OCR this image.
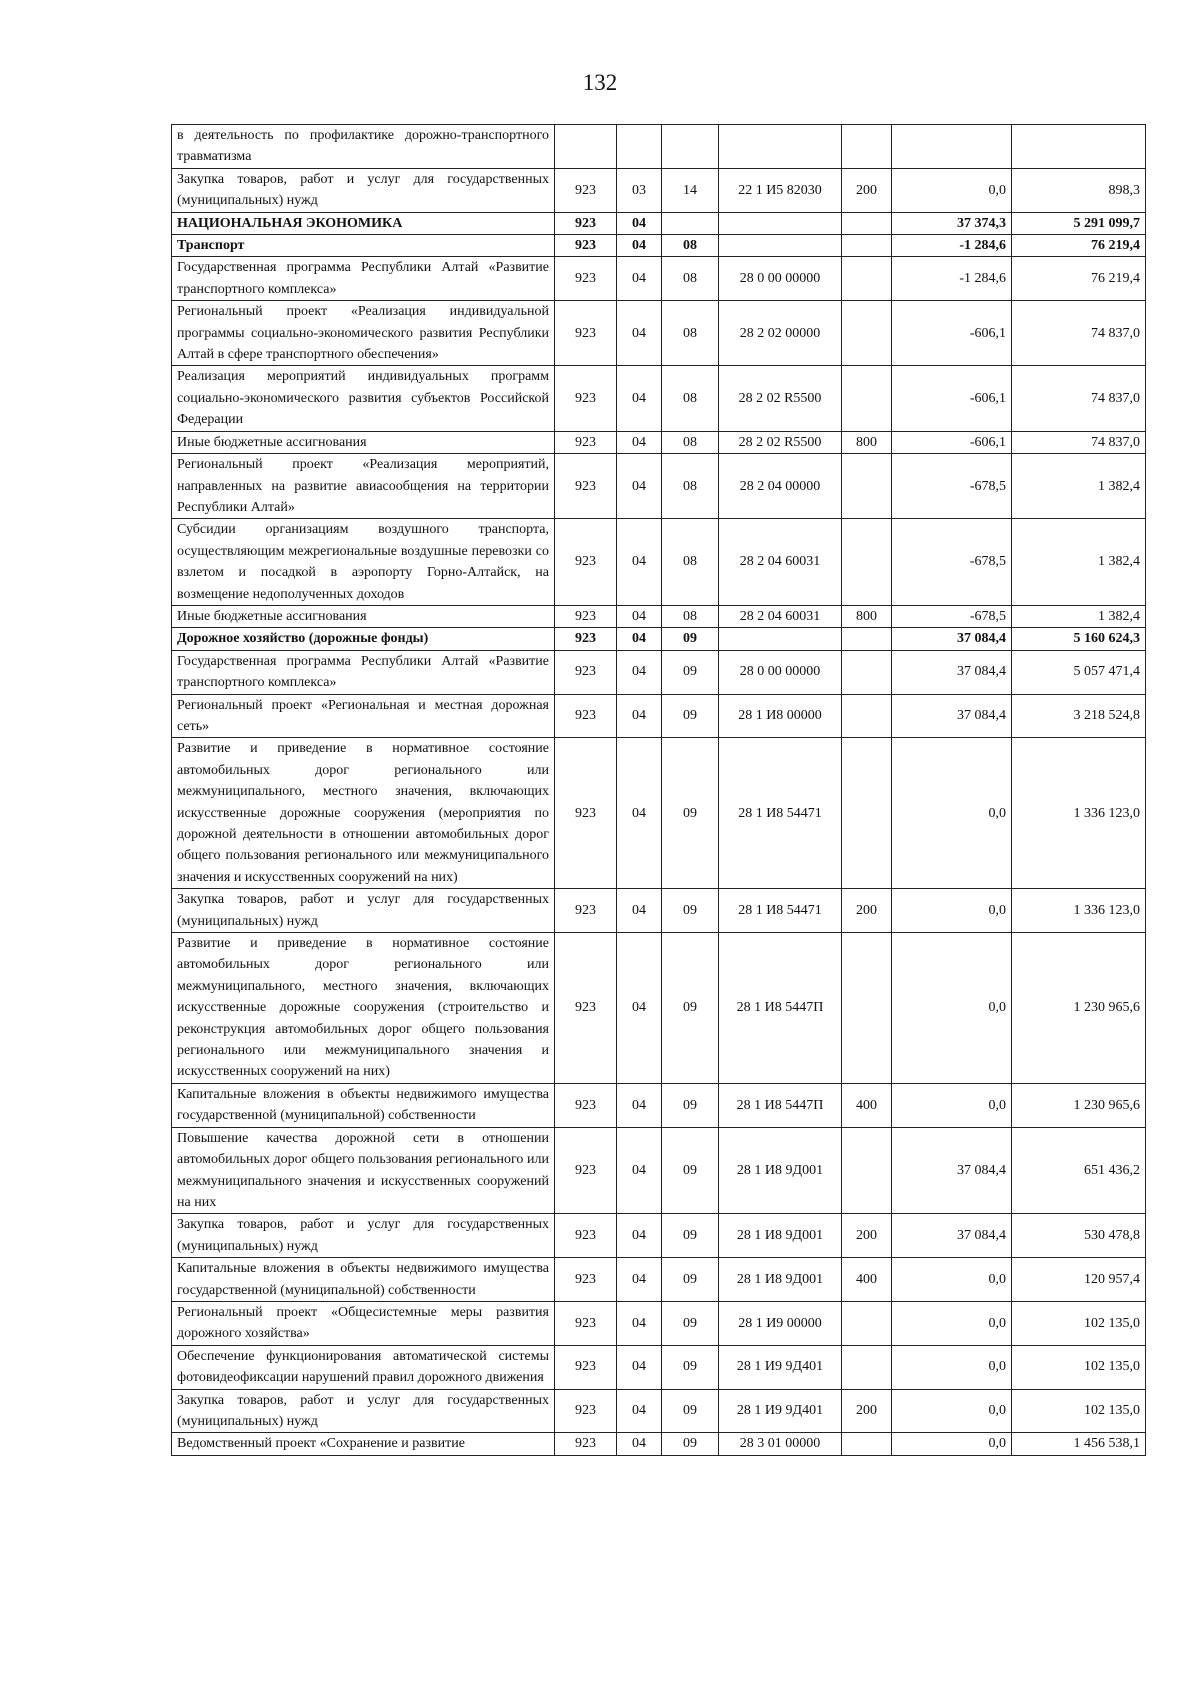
132
в деятельность по профилактике дорожно-транспортного травматизма							
Закупка товаров, работ и услуг для государственных (муниципальных) нужд	923	03	14	22 1 И5 82030	200	0,0	898,3
НАЦИОНАЛЬНАЯ ЭКОНОМИКА	923	04				37 374,3	5 291 099,7
Транспорт	923	04	08			-1 284,6	76 219,4
Государственная программа Республики Алтай «Развитие транспортного комплекса»	923	04	08	28 0 00 00000		-1 284,6	76 219,4
Региональный проект «Реализация индивидуальной программы социально-экономического развития Республики Алтай в сфере транспортного обеспечения»	923	04	08	28 2 02 00000		-606,1	74 837,0
Реализация мероприятий индивидуальных программ социально-экономического развития субъектов Российской Федерации	923	04	08	28 2 02 R5500		-606,1	74 837,0
Иные бюджетные ассигнования	923	04	08	28 2 02 R5500	800	-606,1	74 837,0
Региональный проект «Реализация мероприятий, направленных на развитие авиасообщения на территории Республики Алтай»	923	04	08	28 2 04 00000		-678,5	1 382,4
Субсидии организациям воздушного транспорта, осуществляющим межрегиональные воздушные перевозки со взлетом и посадкой в аэропорту Горно-Алтайск, на возмещение недополученных доходов	923	04	08	28 2 04 60031		-678,5	1 382,4
Иные бюджетные ассигнования	923	04	08	28 2 04 60031	800	-678,5	1 382,4
Дорожное хозяйство (дорожные фонды)	923	04	09			37 084,4	5 160 624,3
Государственная программа Республики Алтай «Развитие транспортного комплекса»	923	04	09	28 0 00 00000		37 084,4	5 057 471,4
Региональный проект «Региональная и местная дорожная сеть»	923	04	09	28 1 И8 00000		37 084,4	3 218 524,8
Развитие и приведение в нормативное состояние автомобильных дорог регионального или межмуниципального, местного значения, включающих искусственные дорожные сооружения (мероприятия по дорожной деятельности в отношении автомобильных дорог общего пользования регионального или межмуниципального значения и искусственных сооружений на них)	923	04	09	28 1 И8 54471		0,0	1 336 123,0
Закупка товаров, работ и услуг для государственных (муниципальных) нужд	923	04	09	28 1 И8 54471	200	0,0	1 336 123,0
Развитие и приведение в нормативное состояние автомобильных дорог регионального или межмуниципального, местного значения, включающих искусственные дорожные сооружения (строительство и реконструкция автомобильных дорог общего пользования регионального или межмуниципального значения и искусственных сооружений на них)	923	04	09	28 1 И8 5447П		0,0	1 230 965,6
Капитальные вложения в объекты недвижимого имущества государственной (муниципальной) собственности	923	04	09	28 1 И8 5447П	400	0,0	1 230 965,6
Повышение качества дорожной сети в отношении автомобильных дорог общего пользования регионального или межмуниципального значения и искусственных сооружений на них	923	04	09	28 1 И8 9Д001		37 084,4	651 436,2
Закупка товаров, работ и услуг для государственных (муниципальных) нужд	923	04	09	28 1 И8 9Д001	200	37 084,4	530 478,8
Капитальные вложения в объекты недвижимого имущества государственной (муниципальной) собственности	923	04	09	28 1 И8 9Д001	400	0,0	120 957,4
Региональный проект «Общесистемные меры развития дорожного хозяйства»	923	04	09	28 1 И9 00000		0,0	102 135,0
Обеспечение функционирования автоматической системы фотовидеофиксации нарушений правил дорожного движения	923	04	09	28 1 И9 9Д401		0,0	102 135,0
Закупка товаров, работ и услуг для государственных (муниципальных) нужд	923	04	09	28 1 И9 9Д401	200	0,0	102 135,0
Ведомственный проект «Сохранение и развитие	923	04	09	28 3 01 00000		0,0	1 456 538,1
